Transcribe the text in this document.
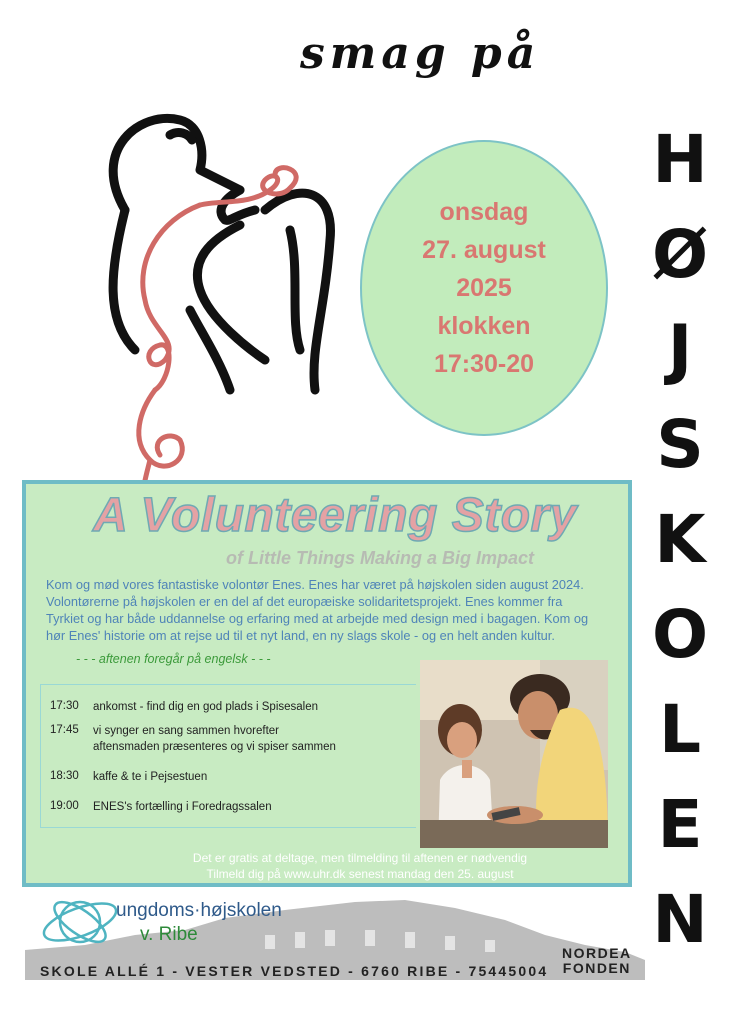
smag på
H
Ø
J
S
K
O
L
E
N
onsdag
27. august
2025
klokken
17:30-20
A Volunteering Story
of Little Things Making a Big Impact
Kom og mød vores fantastiske volontør Enes. Enes har været på højskolen siden august 2024. Volontørerne på højskolen er en del af det europæiske solidaritetsprojekt. Enes kommer fra Tyrkiet og har både uddannelse og erfaring med at arbejde med design med i bagagen. Kom og hør Enes' historie om at rejse ud til et nyt land, en ny slags skole - og en helt anden kultur.
- - - aftenen foregår på engelsk - - -
17:30	ankomst - find dig en god plads i Spisesalen
17:45	vi synger en sang sammen hvorefter
aftensmaden præsenteres og vi spiser sammen
18:30	kaffe & te i Pejsestuen
19:00	ENES's fortælling i Foredragssalen
Det er gratis at deltage, men tilmelding til aftenen er nødvendig
Tilmeld dig på www.uhr.dk senest mandag den 25. august
ungdoms·højskolen
v. Ribe
SKOLE ALLÉ 1 - VESTER VEDSTED - 6760 RIBE - 75445004
NORDEA
FONDEN
